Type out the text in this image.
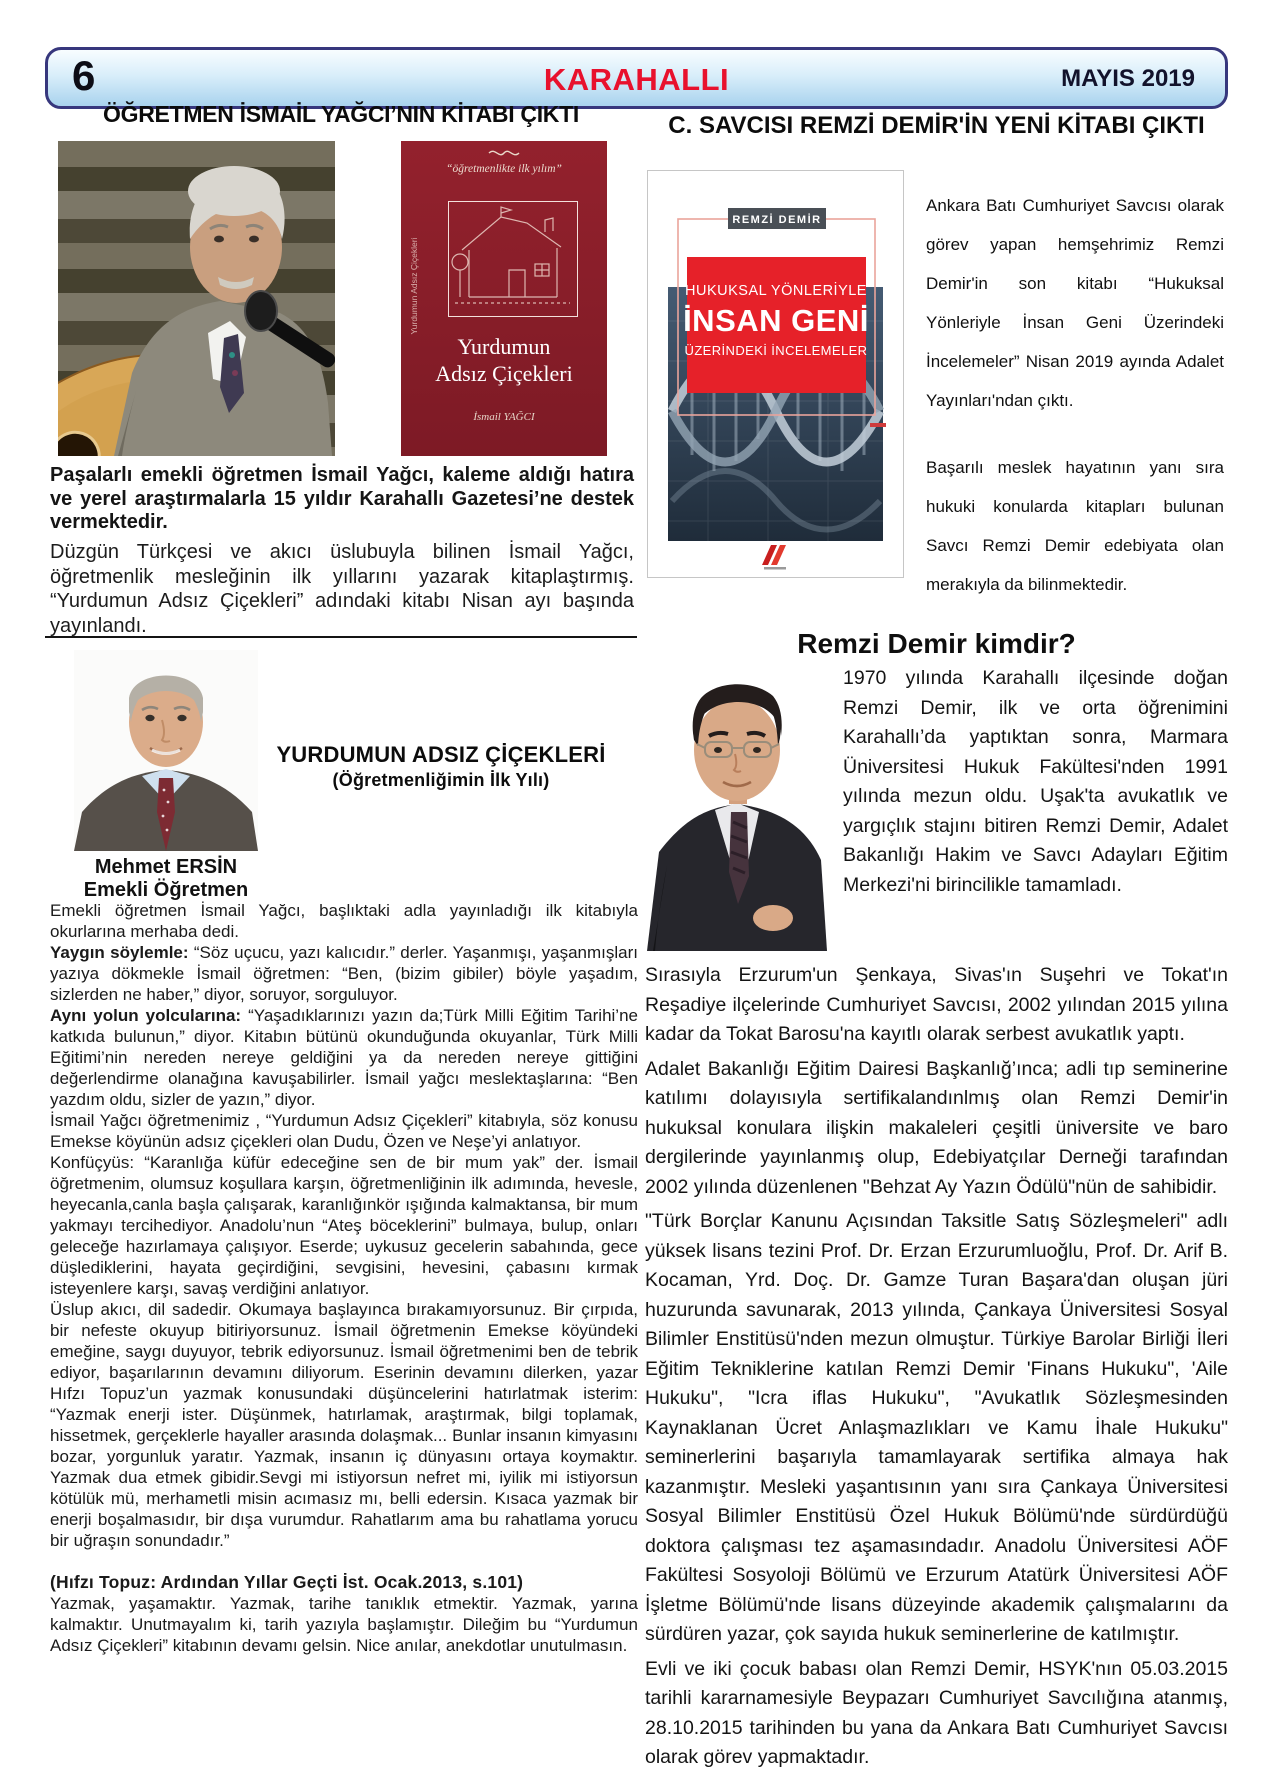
6	KARAHALLI	MAYIS 2019
ÖĞRETMEN İSMAİL YAĞCI’NIN KİTABI ÇIKTI
“öğretmenlikte ilk yılım”
Yurdumun
Adsız Çiçekleri
İsmail YAĞCI
Yurdumun Adsız Çiçekleri
Paşalarlı emekli öğretmen İsmail Yağcı, kaleme aldığı hatıra ve yerel araştırmalarla 15 yıldır Karahallı Gazetesi’ne destek vermektedir.
Düzgün Türkçesi ve akıcı üslubuyla bilinen İsmail Yağcı, öğretmenlik mesleğinin ilk yıllarını yazarak kitaplaştırmış. “Yurdumun Adsız Çiçekleri” adındaki kitabı Nisan ayı başında yayınlandı.
Mehmet ERSİN
Emekli Öğretmen
YURDUMUN ADSIZ ÇİÇEKLERİ
(Öğretmenliğimin İlk Yılı)

Emekli öğretmen İsmail Yağcı, başlıktaki adla yayınladığı ilk kitabıyla okurlarına merhaba dedi.

Yaygın söylemle: “Söz uçucu, yazı kalıcıdır.” derler. Yaşanmışı, yaşanmışları yazıya dökmekle İsmail öğretmen: “Ben, (bizim gibiler) böyle yaşadım, sizlerden ne haber,” diyor, soruyor, sorguluyor.

Aynı yolun yolcularına: “Yaşadıklarınızı yazın da;Türk Milli Eğitim Tarihi’ne katkıda bulunun,” diyor. Kitabın bütünü okunduğunda okuyanlar, Türk Milli Eğitimi’nin nereden nereye geldiğini ya da nereden nereye gittiğini değerlendirme olanağına kavuşabilirler. İsmail yağcı meslektaşlarına: “Ben yazdım oldu, sizler de yazın,” diyor.

İsmail Yağcı öğretmenimiz , “Yurdumun Adsız Çiçekleri” kitabıyla, söz konusu Emekse köyünün adsız çiçekleri olan Dudu, Özen ve Neşe’yi anlatıyor.

Konfüçyüs: “Karanlığa küfür edeceğine sen de bir mum yak” der. İsmail öğretmenim, olumsuz koşullara karşın, öğretmenliğinin ilk adımında, hevesle, heyecanla,canla başla çalışarak, karanlığınkör ışığında kalmaktansa, bir mum yakmayı tercihediyor. Anadolu’nun “Ateş böceklerini” bulmaya, bulup, onları geleceğe hazırlamaya çalışıyor. Eserde; uykusuz gecelerin sabahında, gece düşlediklerini, hayata geçirdiğini, sevgisini, hevesini, çabasını kırmak isteyenlere karşı, savaş verdiğini anlatıyor.

Üslup akıcı, dil sadedir. Okumaya başlayınca bırakamıyorsunuz. Bir çırpıda, bir nefeste okuyup bitiriyorsunuz. İsmail öğretmenin Emekse köyündeki emeğine, saygı duyuyor, tebrik ediyorsunuz. İsmail öğretmenimi ben de tebrik ediyor, başarılarının devamını diliyorum. Eserinin devamını dilerken, yazar Hıfzı Topuz’un yazmak konusundaki düşüncelerini hatırlatmak isterim: “Yazmak enerji ister. Düşünmek, hatırlamak, araştırmak, bilgi toplamak, hissetmek, gerçeklerle hayaller arasında dolaşmak... Bunlar insanın kimyasını bozar, yorgunluk yaratır. Yazmak, insanın iç dünyasını ortaya koymaktır. Yazmak dua etmek gibidir.Sevgi mi istiyorsun nefret mi, iyilik mi istiyorsun kötülük mü, merhametli misin acımasız mı, belli edersin. Kısaca yazmak bir enerji boşalmasıdır, bir dışa vurumdur. Rahatlarım ama bu rahatlama yorucu bir uğraşın sonundadır.”

(Hıfzı Topuz: Ardından Yıllar Geçti İst. Ocak.2013, s.101)

Yazmak, yaşamaktır. Yazmak, tarihe tanıklık etmektir. Yazmak, yarına kalmaktır. Unutmayalım ki, tarih yazıyla başlamıştır. Dileğim bu “Yurdumun Adsız Çiçekleri” kitabının devamı gelsin. Nice anılar, anekdotlar unutulmasın.

C. SAVCISI REMZİ DEMİR'İN YENİ KİTABI ÇIKTI
REMZİ DEMİR
HUKUKSAL YÖNLERİYLE
İNSAN GENİ
ÜZERİNDEKİ İNCELEMELER

Ankara Batı Cumhuriyet Savcısı olarak görev yapan hemşehrimiz Remzi Demir'in son kitabı “Hukuksal Yönleriyle İnsan Geni Üzerindeki İncelemeler” Nisan 2019 ayında Adalet Yayınları'ndan çıktı.

Başarılı meslek hayatının yanı sıra hukuki konularda kitapları bulunan Savcı Remzi Demir edebiyata olan merakıyla da bilinmektedir.

Remzi Demir kimdir?

1970 yılında Karahallı ilçesinde doğan Remzi Demir, ilk ve orta öğrenimini Karahallı’da yaptıktan sonra, Marmara Üniversitesi Hukuk Fakültesi'nden 1991 yılında mezun oldu. Uşak'ta avukatlık ve yargıçlık stajını bitiren Remzi Demir, Adalet Bakanlığı Hakim ve Savcı Adayları Eğitim Merkezi'ni birincilikle tamamladı.

Sırasıyla Erzurum'un Şenkaya, Sivas'ın Suşehri ve Tokat'ın Reşadiye ilçelerinde Cumhuriyet Savcısı, 2002 yılından 2015 yılına kadar da Tokat Barosu'na kayıtlı olarak serbest avukatlık yaptı.

Adalet Bakanlığı Eğitim Dairesi Başkanlığ’ınca; adli tıp seminerine katılımı dolayısıyla sertifikalandınlmış olan Remzi Demir'in hukuksal konulara ilişkin makaleleri çeşitli üniversite ve baro dergilerinde yayınlanmış olup, Edebiyatçılar Derneği tarafından 2002 yılında düzenlenen "Behzat Ay Yazın Ödülü"nün de sahibidir.

"Türk Borçlar Kanunu Açısından Taksitle Satış Sözleşmeleri" adlı yüksek lisans tezini Prof. Dr. Erzan Erzurumluoğlu, Prof. Dr. Arif B. Kocaman, Yrd. Doç. Dr. Gamze Turan Başara'dan oluşan jüri huzurunda savunarak, 2013 yılında, Çankaya Üniversitesi Sosyal Bilimler Enstitüsü'nden mezun olmuştur. Türkiye Barolar Birliği İleri Eğitim Tekniklerine katılan Remzi Demir 'Finans Hukuku", 'Aile Hukuku", "Icra iflas Hukuku", "Avukatlık Sözleşmesinden Kaynaklanan Ücret Anlaşmazlıkları ve Kamu İhale Hukuku" seminerlerini başarıyla tamamlayarak sertifika almaya hak kazanmıştır. Mesleki yaşantısının yanı sıra Çankaya Üniversitesi Sosyal Bilimler Enstitüsü Özel Hukuk Bölümü'nde sürdürdüğü doktora çalışması tez aşamasındadır. Anadolu Üniversitesi AÖF Fakültesi Sosyoloji Bölümü ve Erzurum Atatürk Üniversitesi AÖF İşletme Bölümü'nde lisans düzeyinde akademik çalışmalarını da sürdüren yazar, çok sayıda hukuk seminerlerine de katılmıştır.

Evli ve iki çocuk babası olan Remzi Demir, HSYK'nın 05.03.2015 tarihli kararnamesiyle Beypazarı Cumhuriyet Savcılığına atanmış, 28.10.2015 tarihinden bu yana da Ankara Batı Cumhuriyet Savcısı olarak görev yapmaktadır.
